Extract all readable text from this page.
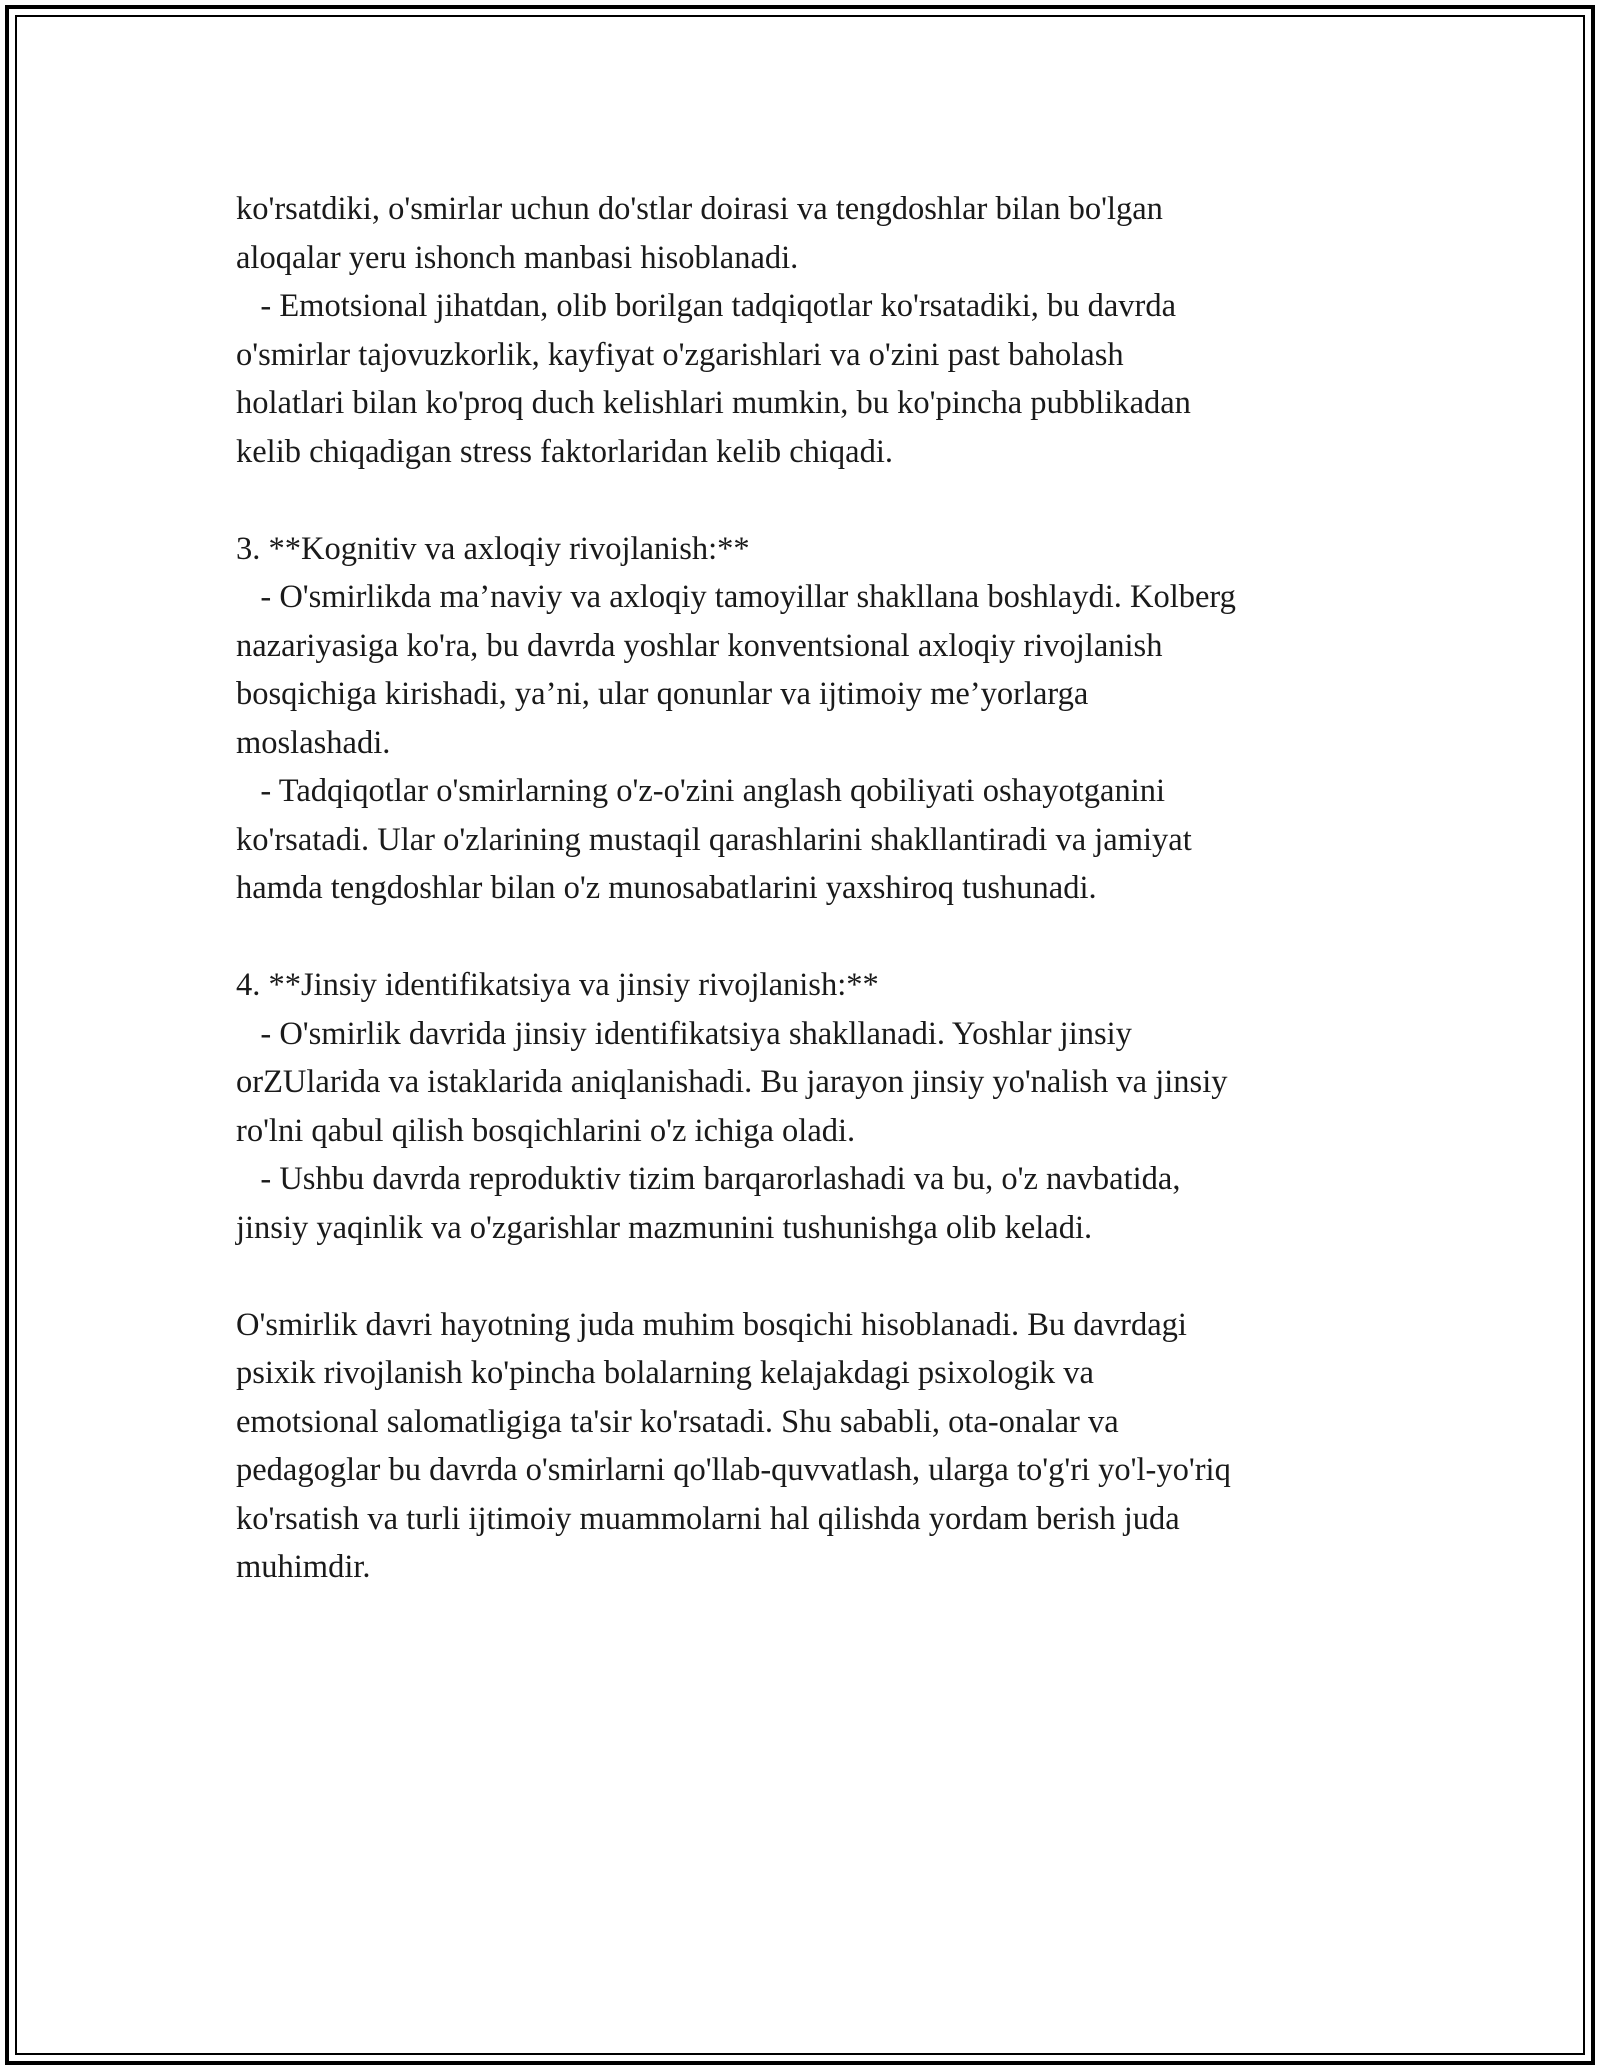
ko'rsatdiki, o'smirlar uchun do'stlar doirasi va tengdoshlar bilan bo'lgan
aloqalar yeru ishonch manbasi hisoblanadi.
- Emotsional jihatdan, olib borilgan tadqiqotlar ko'rsatadiki, bu davrda
o'smirlar tajovuzkorlik, kayfiyat o'zgarishlari va o'zini past baholash
holatlari bilan ko'proq duch kelishlari mumkin, bu ko'pincha pubblikadan
kelib chiqadigan stress faktorlaridan kelib chiqadi.
3. **Kognitiv va axloqiy rivojlanish:**
- O'smirlikda ma’naviy va axloqiy tamoyillar shakllana boshlaydi. Kolberg
nazariyasiga ko'ra, bu davrda yoshlar konventsional axloqiy rivojlanish
bosqichiga kirishadi, ya’ni, ular qonunlar va ijtimoiy me’yorlarga
moslashadi.
- Tadqiqotlar o'smirlarning o'z-o'zini anglash qobiliyati oshayotganini
ko'rsatadi. Ular o'zlarining mustaqil qarashlarini shakllantiradi va jamiyat
hamda tengdoshlar bilan o'z munosabatlarini yaxshiroq tushunadi.
4. **Jinsiy identifikatsiya va jinsiy rivojlanish:**
- O'smirlik davrida jinsiy identifikatsiya shakllanadi. Yoshlar jinsiy
orZUlarida va istaklarida aniqlanishadi. Bu jarayon jinsiy yo'nalish va jinsiy
ro'lni qabul qilish bosqichlarini o'z ichiga oladi.
- Ushbu davrda reproduktiv tizim barqarorlashadi va bu, o'z navbatida,
jinsiy yaqinlik va o'zgarishlar mazmunini tushunishga olib keladi.
O'smirlik davri hayotning juda muhim bosqichi hisoblanadi. Bu davrdagi
psixik rivojlanish ko'pincha bolalarning kelajakdagi psixologik va
emotsional salomatligiga ta'sir ko'rsatadi. Shu sababli, ota-onalar va
pedagoglar bu davrda o'smirlarni qo'llab-quvvatlash, ularga to'g'ri yo'l-yo'riq
ko'rsatish va turli ijtimoiy muammolarni hal qilishda yordam berish juda
muhimdir.
